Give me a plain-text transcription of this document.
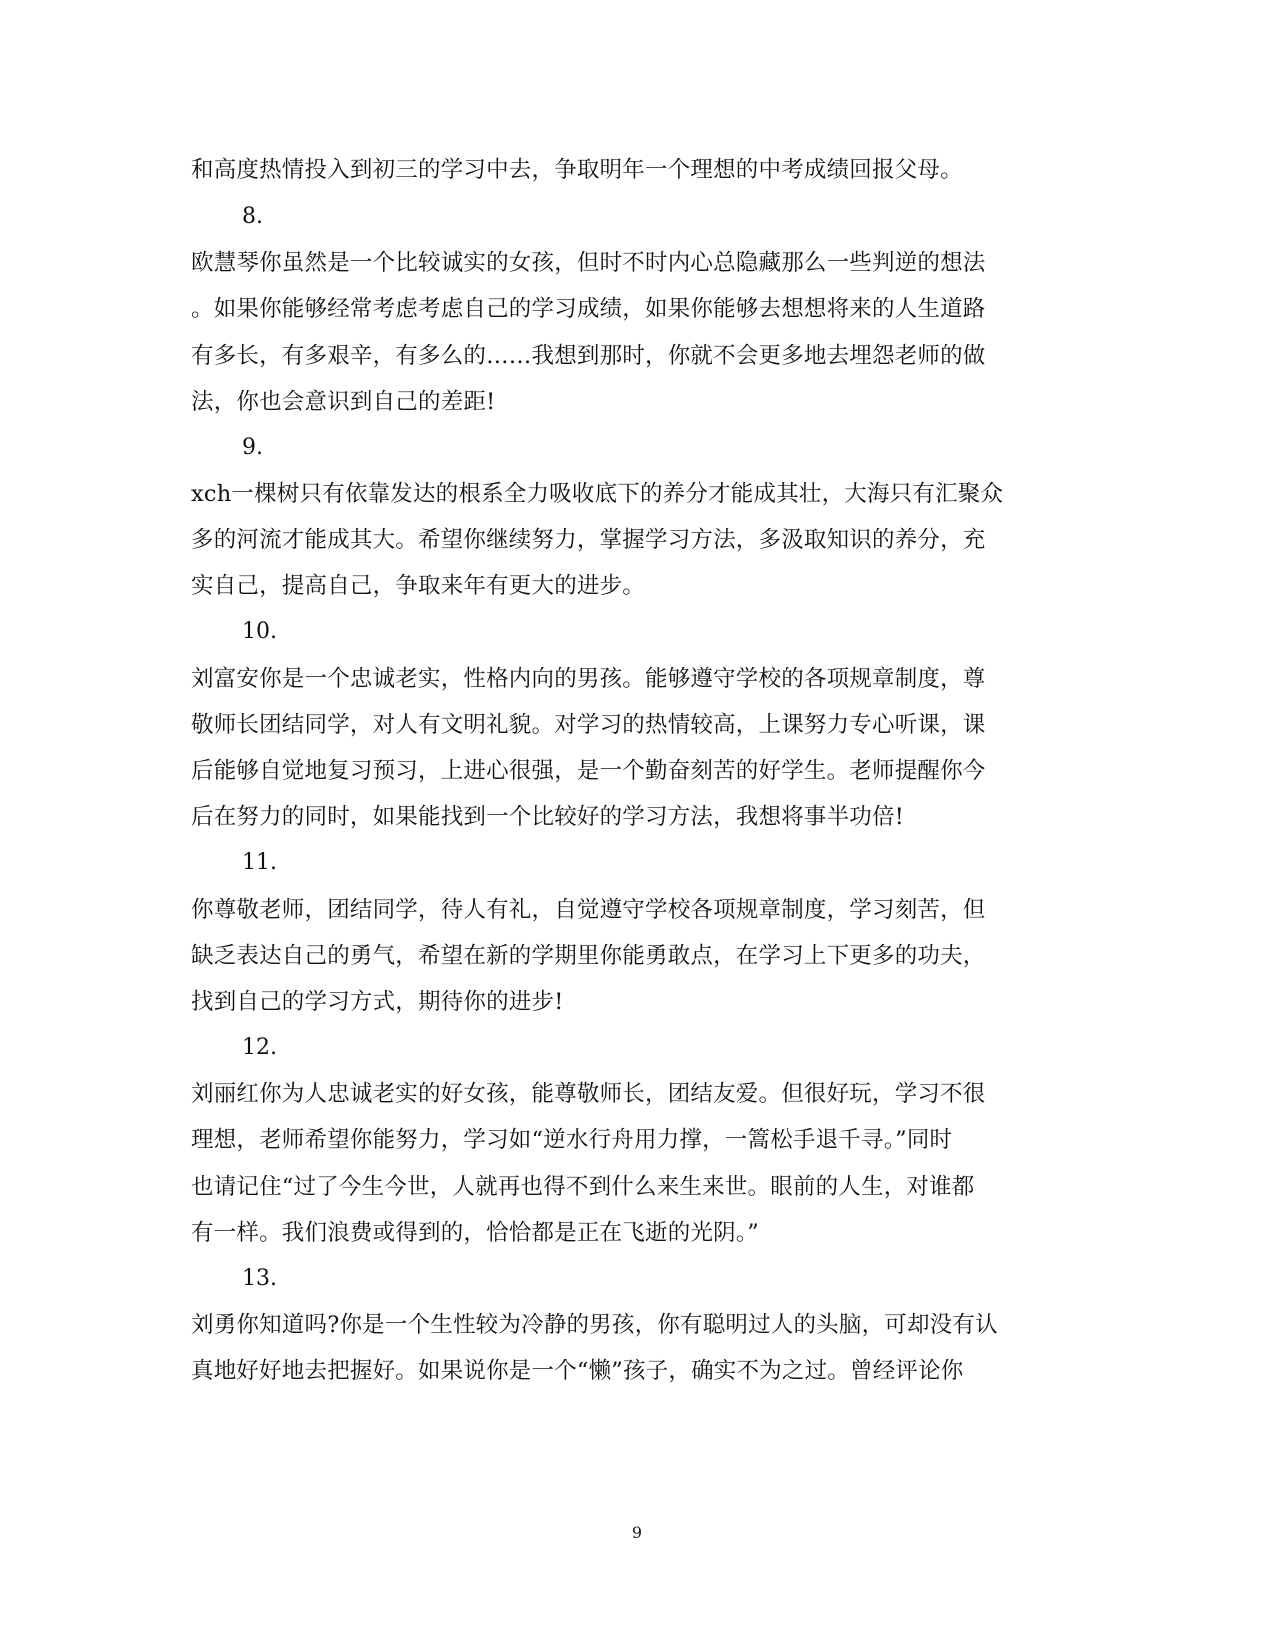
和高度热情投入到初三的学习中去，争取明年一个理想的中考成绩回报父母。
8.
欧慧琴你虽然是一个比较诚实的女孩，但时不时内心总隐藏那么一些判逆的想法
。如果你能够经常考虑考虑自己的学习成绩，如果你能够去想想将来的人生道路
有多长，有多艰辛，有多么的……我想到那时，你就不会更多地去埋怨老师的做
法，你也会意识到自己的差距!
9.
xch一棵树只有依靠发达的根系全力吸收底下的养分才能成其壮，大海只有汇聚众
多的河流才能成其大。希望你继续努力，掌握学习方法，多汲取知识的养分，充
实自己，提高自己，争取来年有更大的进步。
10.
刘富安你是一个忠诚老实，性格内向的男孩。能够遵守学校的各项规章制度，尊
敬师长团结同学，对人有文明礼貌。对学习的热情较高，上课努力专心听课，课
后能够自觉地复习预习，上进心很强，是一个勤奋刻苦的好学生。老师提醒你今
后在努力的同时，如果能找到一个比较好的学习方法，我想将事半功倍!
11.
你尊敬老师，团结同学，待人有礼，自觉遵守学校各项规章制度，学习刻苦，但
缺乏表达自己的勇气，希望在新的学期里你能勇敢点，在学习上下更多的功夫，
找到自己的学习方式，期待你的进步!
12.
刘丽红你为人忠诚老实的好女孩，能尊敬师长，团结友爱。但很好玩，学习不很
理想，老师希望你能努力，学习如“逆水行舟用力撑，一篙松手退千寻。”同时
也请记住“过了今生今世，人就再也得不到什么来生来世。眼前的人生，对谁都
有一样。我们浪费或得到的，恰恰都是正在飞逝的光阴。”
13.
刘勇你知道吗?你是一个生性较为冷静的男孩，你有聪明过人的头脑，可却没有认
真地好好地去把握好。如果说你是一个“懒”孩子，确实不为之过。曾经评论你
9
